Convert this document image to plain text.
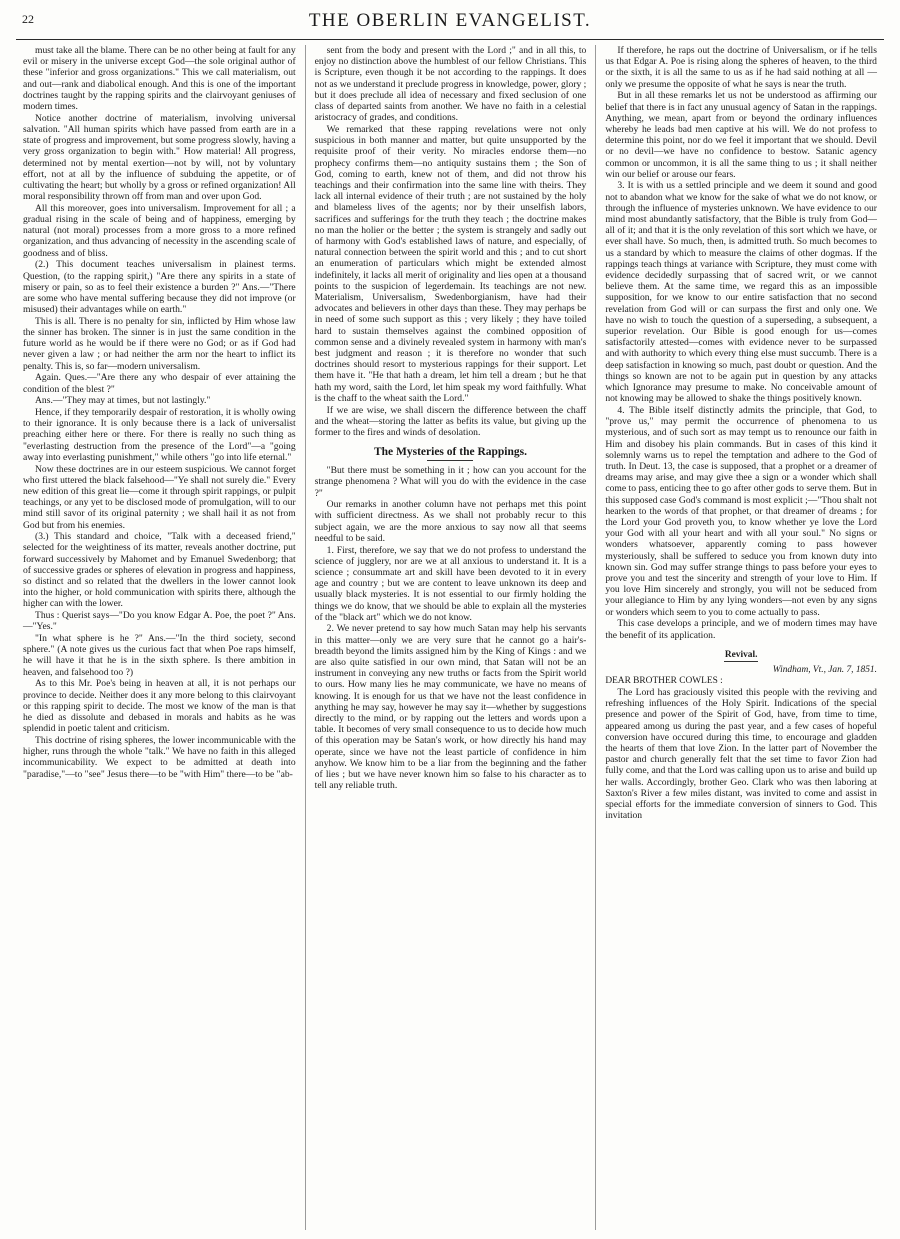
22	THE OBERLIN EVANGELIST.

must take all the blame. There can be no other being at fault for any evil or misery in the universe except God—the sole original author of these "inferior and gross organizations." This we call materialism, out and out—rank and diabolical enough. And this is one of the important doctrines taught by the rapping spirits and the clairvoyant geniuses of modern times.

Notice another doctrine of materialism, involving universal salvation. "All human spirits which have passed from earth are in a state of progress and improvement, but some progress slowly, having a very gross organization to begin with." How material! All progress, determined not by mental exertion—not by will, not by voluntary effort, not at all by the influence of subduing the appetite, or of cultivating the heart; but wholly by a gross or refined organization! All moral responsibility thrown off from man and over upon God.

All this moreover, goes into universalism. Improvement for all ; a gradual rising in the scale of being and of happiness, emerging by natural (not moral) processes from a more gross to a more refined organization, and thus advancing of necessity in the ascending scale of goodness and of bliss.

(2.) This document teaches universalism in plainest terms. Question, (to the rapping spirit,) "Are there any spirits in a state of misery or pain, so as to feel their existence a burden ?" Ans.—"There are some who have mental suffering because they did not improve (or misused) their advantages while on earth."

This is all. There is no penalty for sin, inflicted by Him whose law the sinner has broken. The sinner is in just the same condition in the future world as he would be if there were no God; or as if God had never given a law ; or had neither the arm nor the heart to inflict its penalty. This is, so far—modern universalism.

Again. Ques.—"Are there any who despair of ever attaining the condition of the blest ?"

Ans.—"They may at times, but not lastingly."

Hence, if they temporarily despair of restoration, it is wholly owing to their ignorance. It is only because there is a lack of universalist preaching either here or there. For there is really no such thing as "everlasting destruction from the presence of the Lord"—a "going away into everlasting punishment," while others "go into life eternal."

Now these doctrines are in our esteem suspicious. We cannot forget who first uttered the black falsehood—"Ye shall not surely die." Every new edition of this great lie—come it through spirit rappings, or pulpit teachings, or any yet to be disclosed mode of promulgation, will to our mind still savor of its original paternity ; we shall hail it as not from God but from his enemies.

(3.) This standard and choice, "Talk with a deceased friend," selected for the weightiness of its matter, reveals another doctrine, put forward successively by Mahomet and by Emanuel Swedenborg; that of successive grades or spheres of elevation in progress and happiness, so distinct and so related that the dwellers in the lower cannot look into the higher, or hold communication with spirits there, although the higher can with the lower.

Thus : Querist says—"Do you know Edgar A. Poe, the poet ?" Ans.—"Yes."

"In what sphere is he ?" Ans.—"In the third society, second sphere." (A note gives us the curious fact that when Poe raps himself, he will have it that he is in the sixth sphere. Is there ambition in heaven, and falsehood too ?)

As to this Mr. Poe's being in heaven at all, it is not perhaps our province to decide. Neither does it any more belong to this clairvoyant or this rapping spirit to decide. The most we know of the man is that he died as dissolute and debased in morals and habits as he was splendid in poetic talent and criticism.

This doctrine of rising spheres, the lower incommunicable with the higher, runs through the whole "talk." We have no faith in this alleged incommunicability. We expect to be admitted at death into "paradise,"—to "see" Jesus there—to be "with Him" there—to be "ab-

sent from the body and present with the Lord ;" and in all this, to enjoy no distinction above the humblest of our fellow Christians. This is Scripture, even though it be not according to the rappings. It does not as we understand it preclude progress in knowledge, power, glory ; but it does preclude all idea of necessary and fixed seclusion of one class of departed saints from another. We have no faith in a celestial aristocracy of grades, and conditions.

We remarked that these rapping revelations were not only suspicious in both manner and matter, but quite unsupported by the requisite proof of their verity. No miracles endorse them—no prophecy confirms them—no antiquity sustains them ; the Son of God, coming to earth, knew not of them, and did not throw his teachings and their confirmation into the same line with theirs. They lack all internal evidence of their truth ; are not sustained by the holy and blameless lives of the agents; nor by their unselfish labors, sacrifices and sufferings for the truth they teach ; the doctrine makes no man the holier or the better ; the system is strangely and sadly out of harmony with God's established laws of nature, and especially, of natural connection between the spirit world and this ; and to cut short an enumeration of particulars which might be extended almost indefinitely, it lacks all merit of originality and lies open at a thousand points to the suspicion of legerdemain. Its teachings are not new. Materialism, Universalism, Swedenborgianism, have had their advocates and believers in other days than these. They may perhaps be in need of some such support as this ; very likely ; they have toiled hard to sustain themselves against the combined opposition of common sense and a divinely revealed system in harmony with man's best judgment and reason ; it is therefore no wonder that such doctrines should resort to mysterious rappings for their support. Let them have it. "He that hath a dream, let him tell a dream ; but he that hath my word, saith the Lord, let him speak my word faithfully. What is the chaff to the wheat saith the Lord."

If we are wise, we shall discern the difference between the chaff and the wheat—storing the latter as befits its value, but giving up the former to the fires and winds of desolation.

The Mysteries of the Rappings.

"But there must be something in it ; how can you account for the strange phenomena ? What will you do with the evidence in the case ?"

Our remarks in another column have not perhaps met this point with sufficient directness. As we shall not probably recur to this subject again, we are the more anxious to say now all that seems needful to be said.

1. First, therefore, we say that we do not profess to understand the science of jugglery, nor are we at all anxious to understand it. It is a science ; consummate art and skill have been devoted to it in every age and country ; but we are content to leave unknown its deep and usually black mysteries. It is not essential to our firmly holding the things we do know, that we should be able to explain all the mysteries of the "black art" which we do not know.

2. We never pretend to say how much Satan may help his servants in this matter—only we are very sure that he cannot go a hair's-breadth beyond the limits assigned him by the King of Kings : and we are also quite satisfied in our own mind, that Satan will not be an instrument in conveying any new truths or facts from the Spirit world to ours. How many lies he may communicate, we have no means of knowing. It is enough for us that we have not the least confidence in anything he may say, however he may say it—whether by suggestions directly to the mind, or by rapping out the letters and words upon a table. It becomes of very small consequence to us to decide how much of this operation may be Satan's work, or how directly his hand may operate, since we have not the least particle of confidence in him anyhow. We know him to be a liar from the beginning and the father of lies ; but we have never known him so false to his character as to tell any reliable truth.

If therefore, he raps out the doctrine of Universalism, or if he tells us that Edgar A. Poe is rising along the spheres of heaven, to the third or the sixth, it is all the same to us as if he had said nothing at all —only we presume the opposite of what he says is near the truth.

But in all these remarks let us not be understood as affirming our belief that there is in fact any unusual agency of Satan in the rappings. Anything, we mean, apart from or beyond the ordinary influences whereby he leads bad men captive at his will. We do not profess to determine this point, nor do we feel it important that we should. Devil or no devil—we have no confidence to bestow. Satanic agency common or uncommon, it is all the same thing to us ; it shall neither win our belief or arouse our fears.

3. It is with us a settled principle and we deem it sound and good not to abandon what we know for the sake of what we do not know, or through the influence of mysteries unknown. We have evidence to our mind most abundantly satisfactory, that the Bible is truly from God—all of it; and that it is the only revelation of this sort which we have, or ever shall have. So much, then, is admitted truth. So much becomes to us a standard by which to measure the claims of other dogmas. If the rappings teach things at variance with Scripture, they must come with evidence decidedly surpassing that of sacred writ, or we cannot believe them. At the same time, we regard this as an impossible supposition, for we know to our entire satisfaction that no second revelation from God will or can surpass the first and only one. We have no wish to touch the question of a superseding, a subsequent, a superior revelation. Our Bible is good enough for us—comes satisfactorily attested—comes with evidence never to be surpassed and with authority to which every thing else must succumb. There is a deep satisfaction in knowing so much, past doubt or question. And the things so known are not to be again put in question by any attacks which Ignorance may presume to make. No conceivable amount of not knowing may be allowed to shake the things positively known.

4. The Bible itself distinctly admits the principle, that God, to "prove us," may permit the occurrence of phenomena to us mysterious, and of such sort as may tempt us to renounce our faith in Him and disobey his plain commands. But in cases of this kind it solemnly warns us to repel the temptation and adhere to the God of truth. In Deut. 13, the case is supposed, that a prophet or a dreamer of dreams may arise, and may give thee a sign or a wonder which shall come to pass, enticing thee to go after other gods to serve them. But in this supposed case God's command is most explicit ;—"Thou shalt not hearken to the words of that prophet, or that dreamer of dreams ; for the Lord your God proveth you, to know whether ye love the Lord your God with all your heart and with all your soul." No signs or wonders whatsoever, apparently coming to pass however mysteriously, shall be suffered to seduce you from known duty into known sin. God may suffer strange things to pass before your eyes to prove you and test the sincerity and strength of your love to Him. If you love Him sincerely and strongly, you will not be seduced from your allegiance to Him by any lying wonders—not even by any signs or wonders which seem to you to come actually to pass.

This case develops a principle, and we of modern times may have the benefit of its application.

Revival.
Windham, Vt., Jan. 7, 1851.

DEAR BROTHER COWLES :

The Lord has graciously visited this people with the reviving and refreshing influences of the Holy Spirit. Indications of the special presence and power of the Spirit of God, have, from time to time, appeared among us during the past year, and a few cases of hopeful conversion have occured during this time, to encourage and gladden the hearts of them that love Zion. In the latter part of November the pastor and church generally felt that the set time to favor Zion had fully come, and that the Lord was calling upon us to arise and build up her walls. Accordingly, brother Geo. Clark who was then laboring at Saxton's River a few miles distant, was invited to come and assist in special efforts for the immediate conversion of sinners to God. This invitation
